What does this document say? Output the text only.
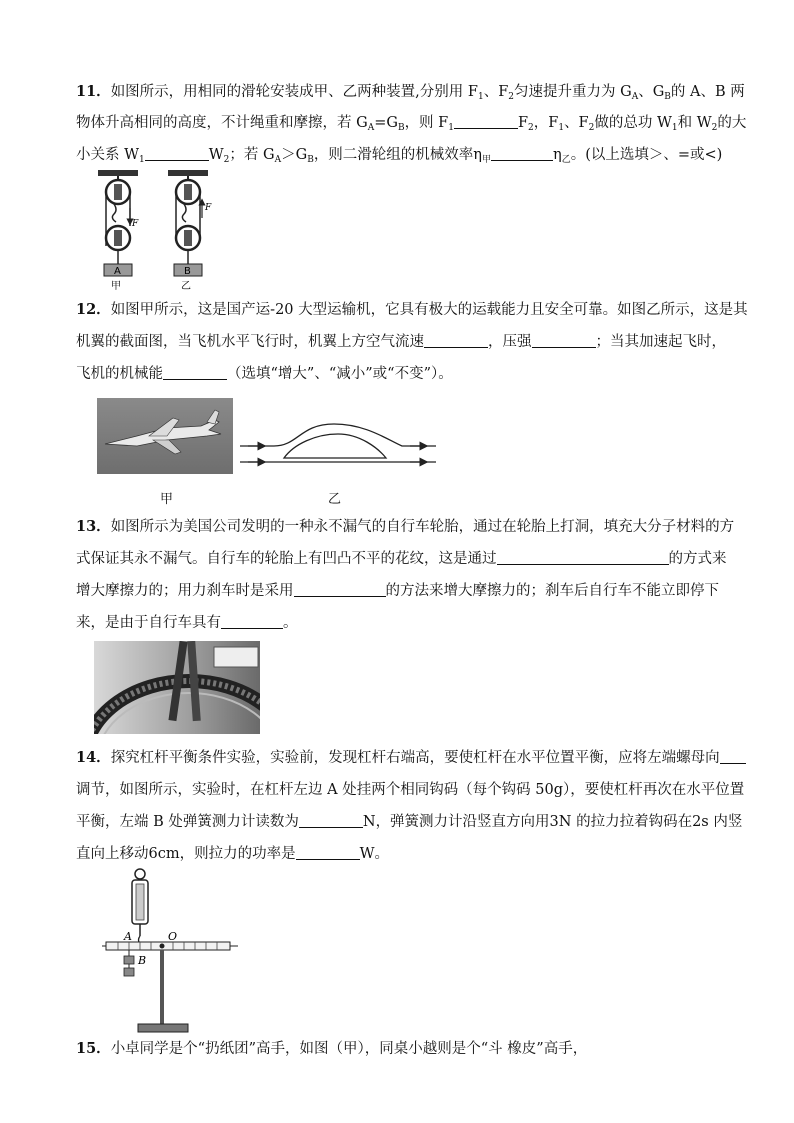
11．如图所示，用相同的滑轮安装成甲、乙两种装置,分别用 $F_1$、$F_2$匀速提升重力为 $G_A$、$G_B$的 A、B 两
物体升高相同的高度，不计绳重和摩擦，若 $G_A=G_B$，则 $F_1$	$F_2$，$F_1$、$F_2$做的总功 $W_1$和 $W_2$的大
小关系 $W_1$	$W_2$；若 $G_A>G_B$，则二滑轮组的机械效率$\eta_甲$	$\eta_乙$。(以上选填＞、=或<)
F
A
甲
F
B
乙
12．如图甲所示，这是国产运-20 大型运输机，它具有极大的运载能力且安全可靠。如图乙所示，这是其
机翼的截面图，当飞机水平飞行时，机翼上方空气流速	，压强	；当其加速起飞时，
飞机的机械能	（选填“增大”、“减小”或“不变”）。
甲	乙
13．如图所示为美国公司发明的一种永不漏气的自行车轮胎，通过在轮胎上打洞，填充大分子材料的方
式保证其永不漏气。自行车的轮胎上有凹凸不平的花纹，这是通过	的方式来
增大摩擦力的；用力刹车时是采用	的方法来增大摩擦力的；刹车后自行车不能立即停下
来，是由于自行车具有	。
14．探究杠杆平衡条件实验，实验前，发现杠杆右端高，要使杠杆在水平位置平衡，应将左端螺母向
调节，如图所示，实验时，在杠杆左边 A 处挂两个相同钩码（每个钩码 50g），要使杠杆再次在水平位置
平衡，左端 B 处弹簧测力计读数为	N，弹簧测力计沿竖直方向用3N 的拉力拉着钩码在2s 内竖
直向上移动6cm，则拉力的功率是	W。
A	O
B
15．小卓同学是个“扔纸团”高手，如图（甲），同桌小越则是个“斗 橡皮”高手，
